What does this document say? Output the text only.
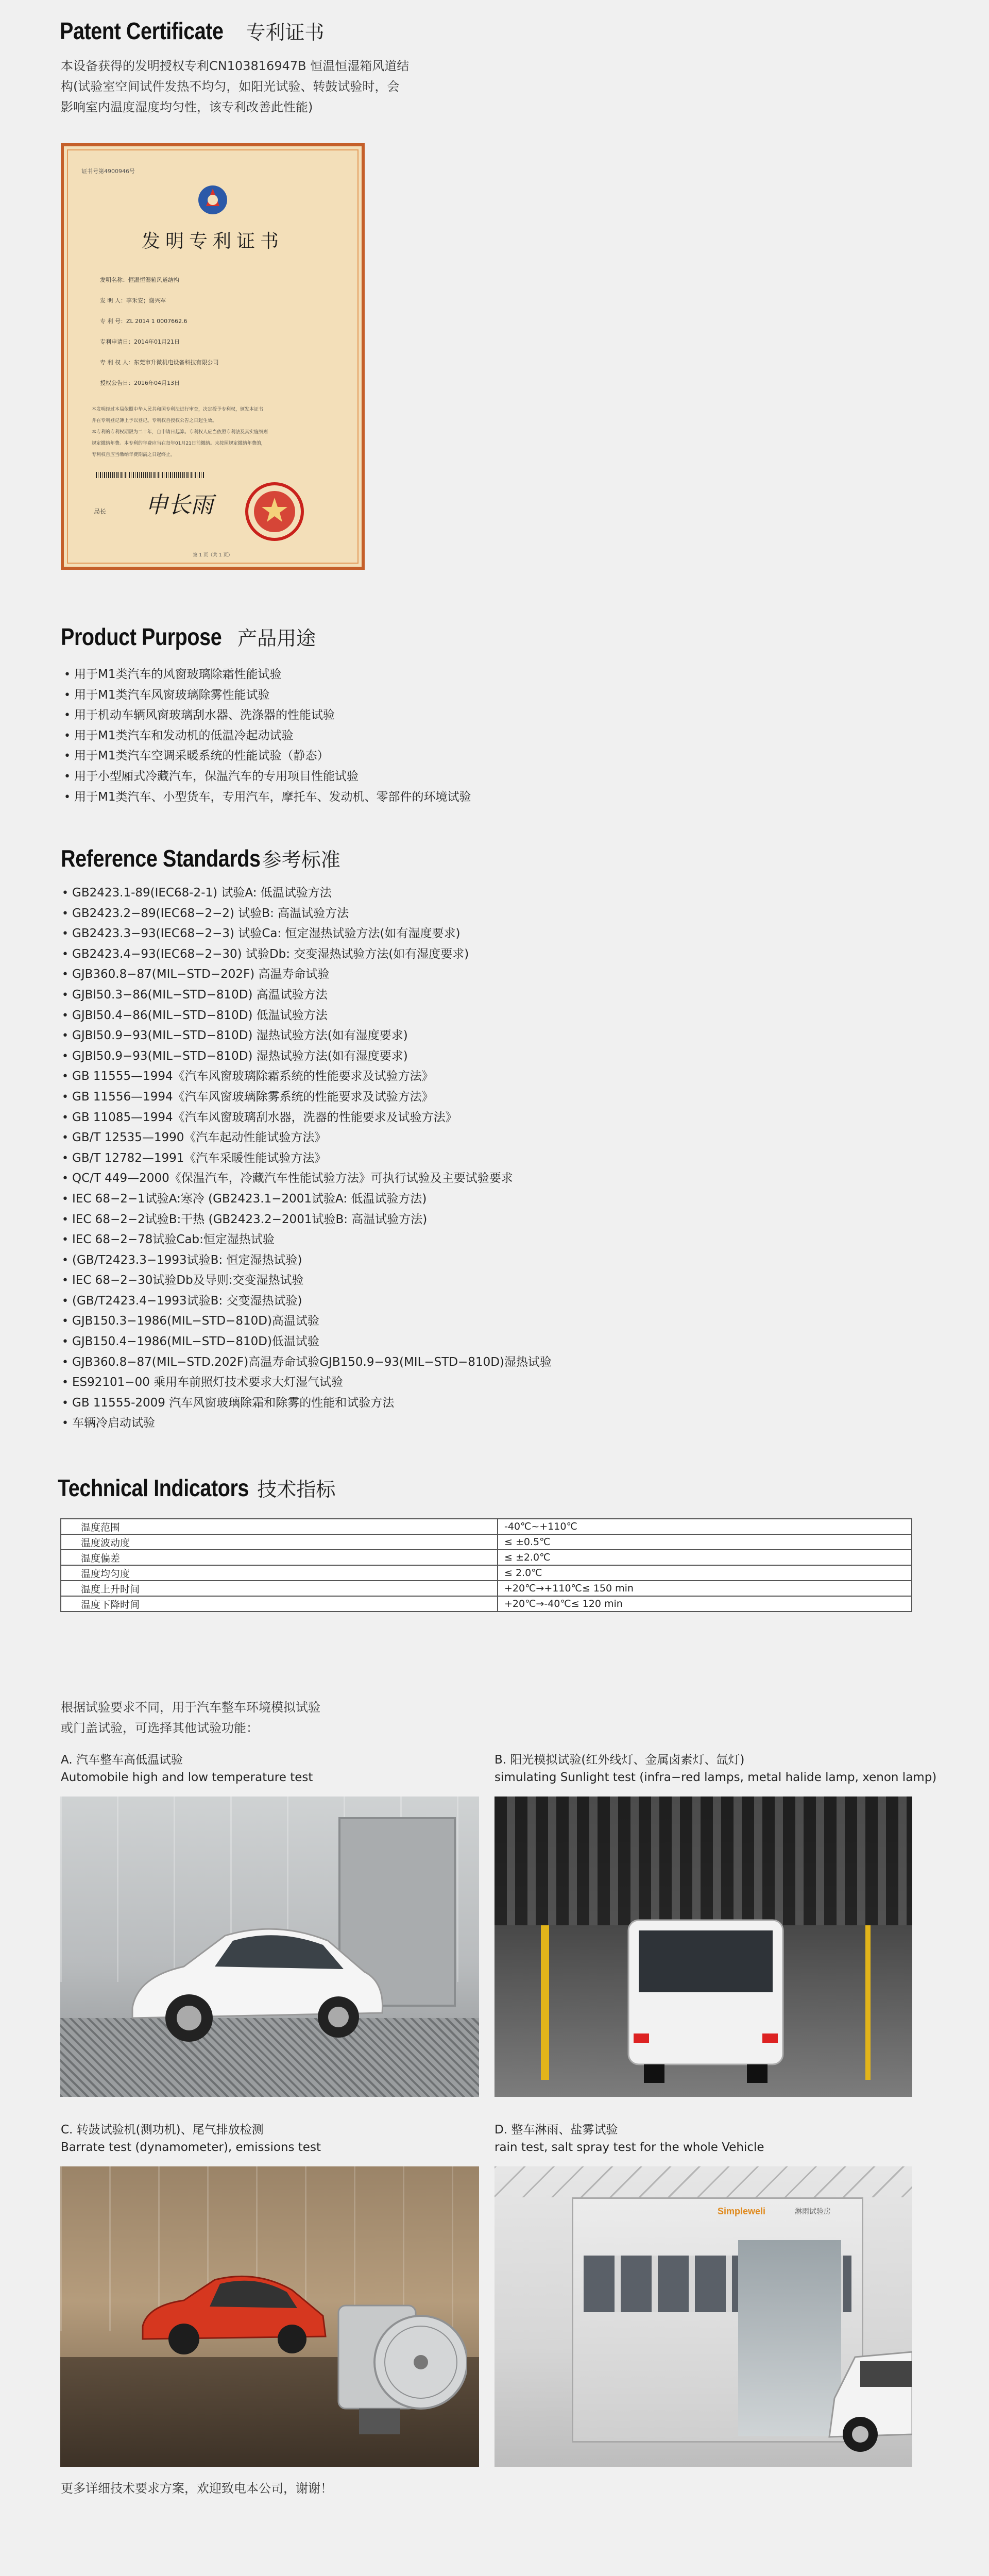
Patent Certificate 专利证书
本设备获得的发明授权专利CN103816947B 恒温恒湿箱风道结
构(试验室空间试件发热不均匀，如阳光试验、转鼓试验时，会
影响室内温度湿度均匀性，该专利改善此性能)
证书号第4900946号
发明专利证书
发明名称：恒温恒湿箱风道结构
发 明 人：李禾安；谢兴军
专 利 号：ZL 2014 1 0007662.6
专利申请日：2014年01月21日
专 利 权 人：东莞市升微机电设备科技有限公司
授权公告日：2016年04月13日
本发明经过本局依照中华人民共和国专利法进行审查，决定授予专利权，颁发本证书
并在专利登记簿上予以登记。专利权自授权公告之日起生效。
本专利的专利权期限为二十年，自申请日起算。专利权人应当依照专利法及其实施细则
规定缴纳年费。本专利的年费应当在每年01月21日前缴纳。未按照规定缴纳年费的，
专利权自应当缴纳年费期满之日起终止。
局长 申长雨
第 1 页（共 1 页）
Product Purpose 产品用途
• 用于M1类汽车的风窗玻璃除霜性能试验
• 用于M1类汽车风窗玻璃除雾性能试验
• 用于机动车辆风窗玻璃刮水器、洗涤器的性能试验
• 用于M1类汽车和发动机的低温冷起动试验
• 用于M1类汽车空调采暖系统的性能试验（静态）
• 用于小型厢式冷藏汽车，保温汽车的专用项目性能试验
• 用于M1类汽车、小型货车，专用汽车，摩托车、发动机、零部件的环境试验
Reference Standards参考标准
• GB2423.1-89(IEC68-2-1) 试验A: 低温试验方法
• GB2423.2−89(IEC68−2−2) 试验B: 高温试验方法
• GB2423.3−93(IEC68−2−3) 试验Ca: 恒定湿热试验方法(如有湿度要求)
• GB2423.4−93(IEC68−2−30) 试验Db: 交变湿热试验方法(如有湿度要求)
• GJB360.8−87(MIL−STD−202F) 高温寿命试验
• GJBl50.3−86(MIL−STD−810D) 高温试验方法
• GJBl50.4−86(MIL−STD−810D) 低温试验方法
• GJBl50.9−93(MIL−STD−810D) 湿热试验方法(如有湿度要求)
• GJBl50.9−93(MIL−STD−810D) 湿热试验方法(如有湿度要求)
• GB 11555—1994《汽车风窗玻璃除霜系统的性能要求及试验方法》
• GB 11556—1994《汽车风窗玻璃除雾系统的性能要求及试验方法》
• GB 11085—1994《汽车风窗玻璃刮水器，洗器的性能要求及试验方法》
• GB/T 12535—1990《汽车起动性能试验方法》
• GB/T 12782—1991《汽车采暖性能试验方法》
• QC/T 449—2000《保温汽车，冷藏汽车性能试验方法》可执行试验及主要试验要求
• IEC 68−2−1试验A:寒冷 (GB2423.1−2001试验A: 低温试验方法)
• IEC 68−2−2试验B:干热 (GB2423.2−2001试验B: 高温试验方法)
• IEC 68−2−78试验Cab:恒定湿热试验
• (GB/T2423.3−1993试验B: 恒定湿热试验)
• IEC 68−2−30试验Db及导则:交变湿热试验
• (GB/T2423.4−1993试验B: 交变湿热试验)
• GJB150.3−1986(MIL−STD−810D)高温试验
• GJB150.4−1986(MIL−STD−810D)低温试验
• GJB360.8−87(MIL−STD.202F)高温寿命试验GJB150.9−93(MIL−STD−810D)湿热试验
• ES92101−00 乘用车前照灯技术要求大灯湿气试验
• GB 11555-2009 汽车风窗玻璃除霜和除雾的性能和试验方法
• 车辆冷启动试验
Technical Indicators 技术指标
温度范围	-40℃~+110℃
温度波动度	≤ ±0.5℃
温度偏差	≤ ±2.0℃
温度均匀度	≤ 2.0℃
温度上升时间	+20℃→+110℃≤ 150 min
温度下降时间	+20℃→-40℃≤ 120 min
根据试验要求不同，用于汽车整车环境模拟试验
或门盖试验，可选择其他试验功能：
A. 汽车整车高低温试验
Automobile high and low temperature test
B. 阳光模拟试验(红外线灯、金属卤素灯、氙灯)
simulating Sunlight test (infra−red lamps, metal halide lamp, xenon lamp)
C. 转鼓试验机(测功机)、尾气排放检测
Barrate test (dynamometer), emissions test
D. 整车淋雨、盐雾试验
rain test, salt spray test for the whole Vehicle
Simpleweli	淋雨试验房
更多详细技术要求方案，欢迎致电本公司，谢谢！
